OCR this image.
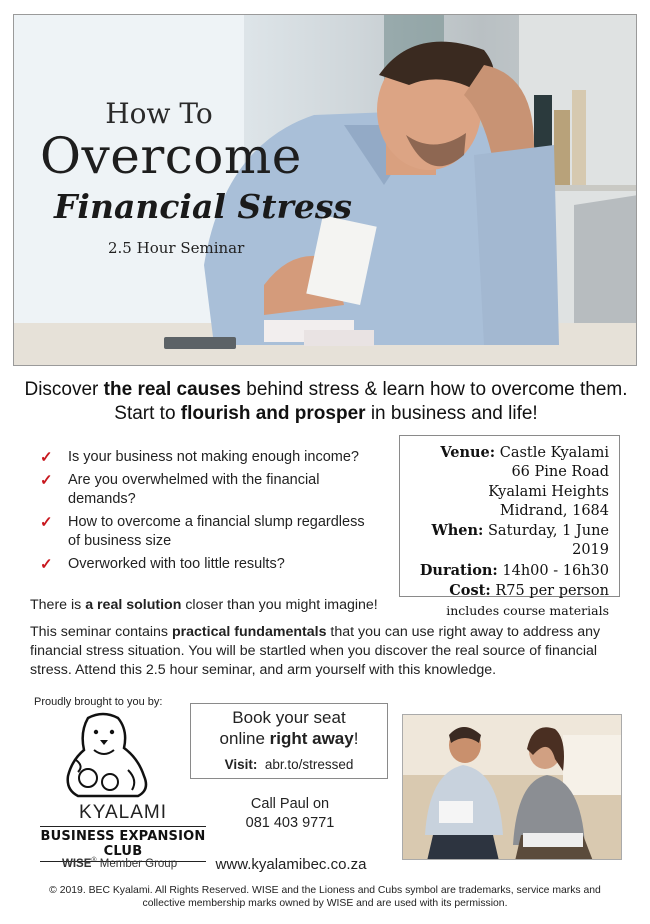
How To
Overcome
Financial Stress
2.5 Hour Seminar
Discover the real causes behind stress & learn how to overcome them. Start to flourish and prosper in business and life!
✓ Is your business not making enough income?
✓ Are you overwhelmed with the financial demands?
✓ How to overcome a financial slump regardless of business size
✓ Overworked with too little results?
Venue: Castle Kyalami
66 Pine Road
Kyalami Heights
Midrand, 1684
When: Saturday, 1 June 2019
Duration: 14h00 - 16h30
Cost: R75 per person
includes course materials
There is a real solution closer than you might imagine!
This seminar contains practical fundamentals that you can use right away to address any financial stress situation. You will be startled when you discover the real source of financial stress. Attend this 2.5 hour seminar, and arm yourself with this knowledge.
Proudly brought to you by:
KYALAMI
BUSINESS EXPANSION CLUB
WISE® Member Group
Book your seat
online right away!
Visit: abr.to/stressed
Call Paul on
081 403 9771
www.kyalamibec.co.za
© 2019. BEC Kyalami. All Rights Reserved. WISE and the Lioness and Cubs symbol are trademarks, service marks and collective membership marks owned by WISE and are used with its permission.
